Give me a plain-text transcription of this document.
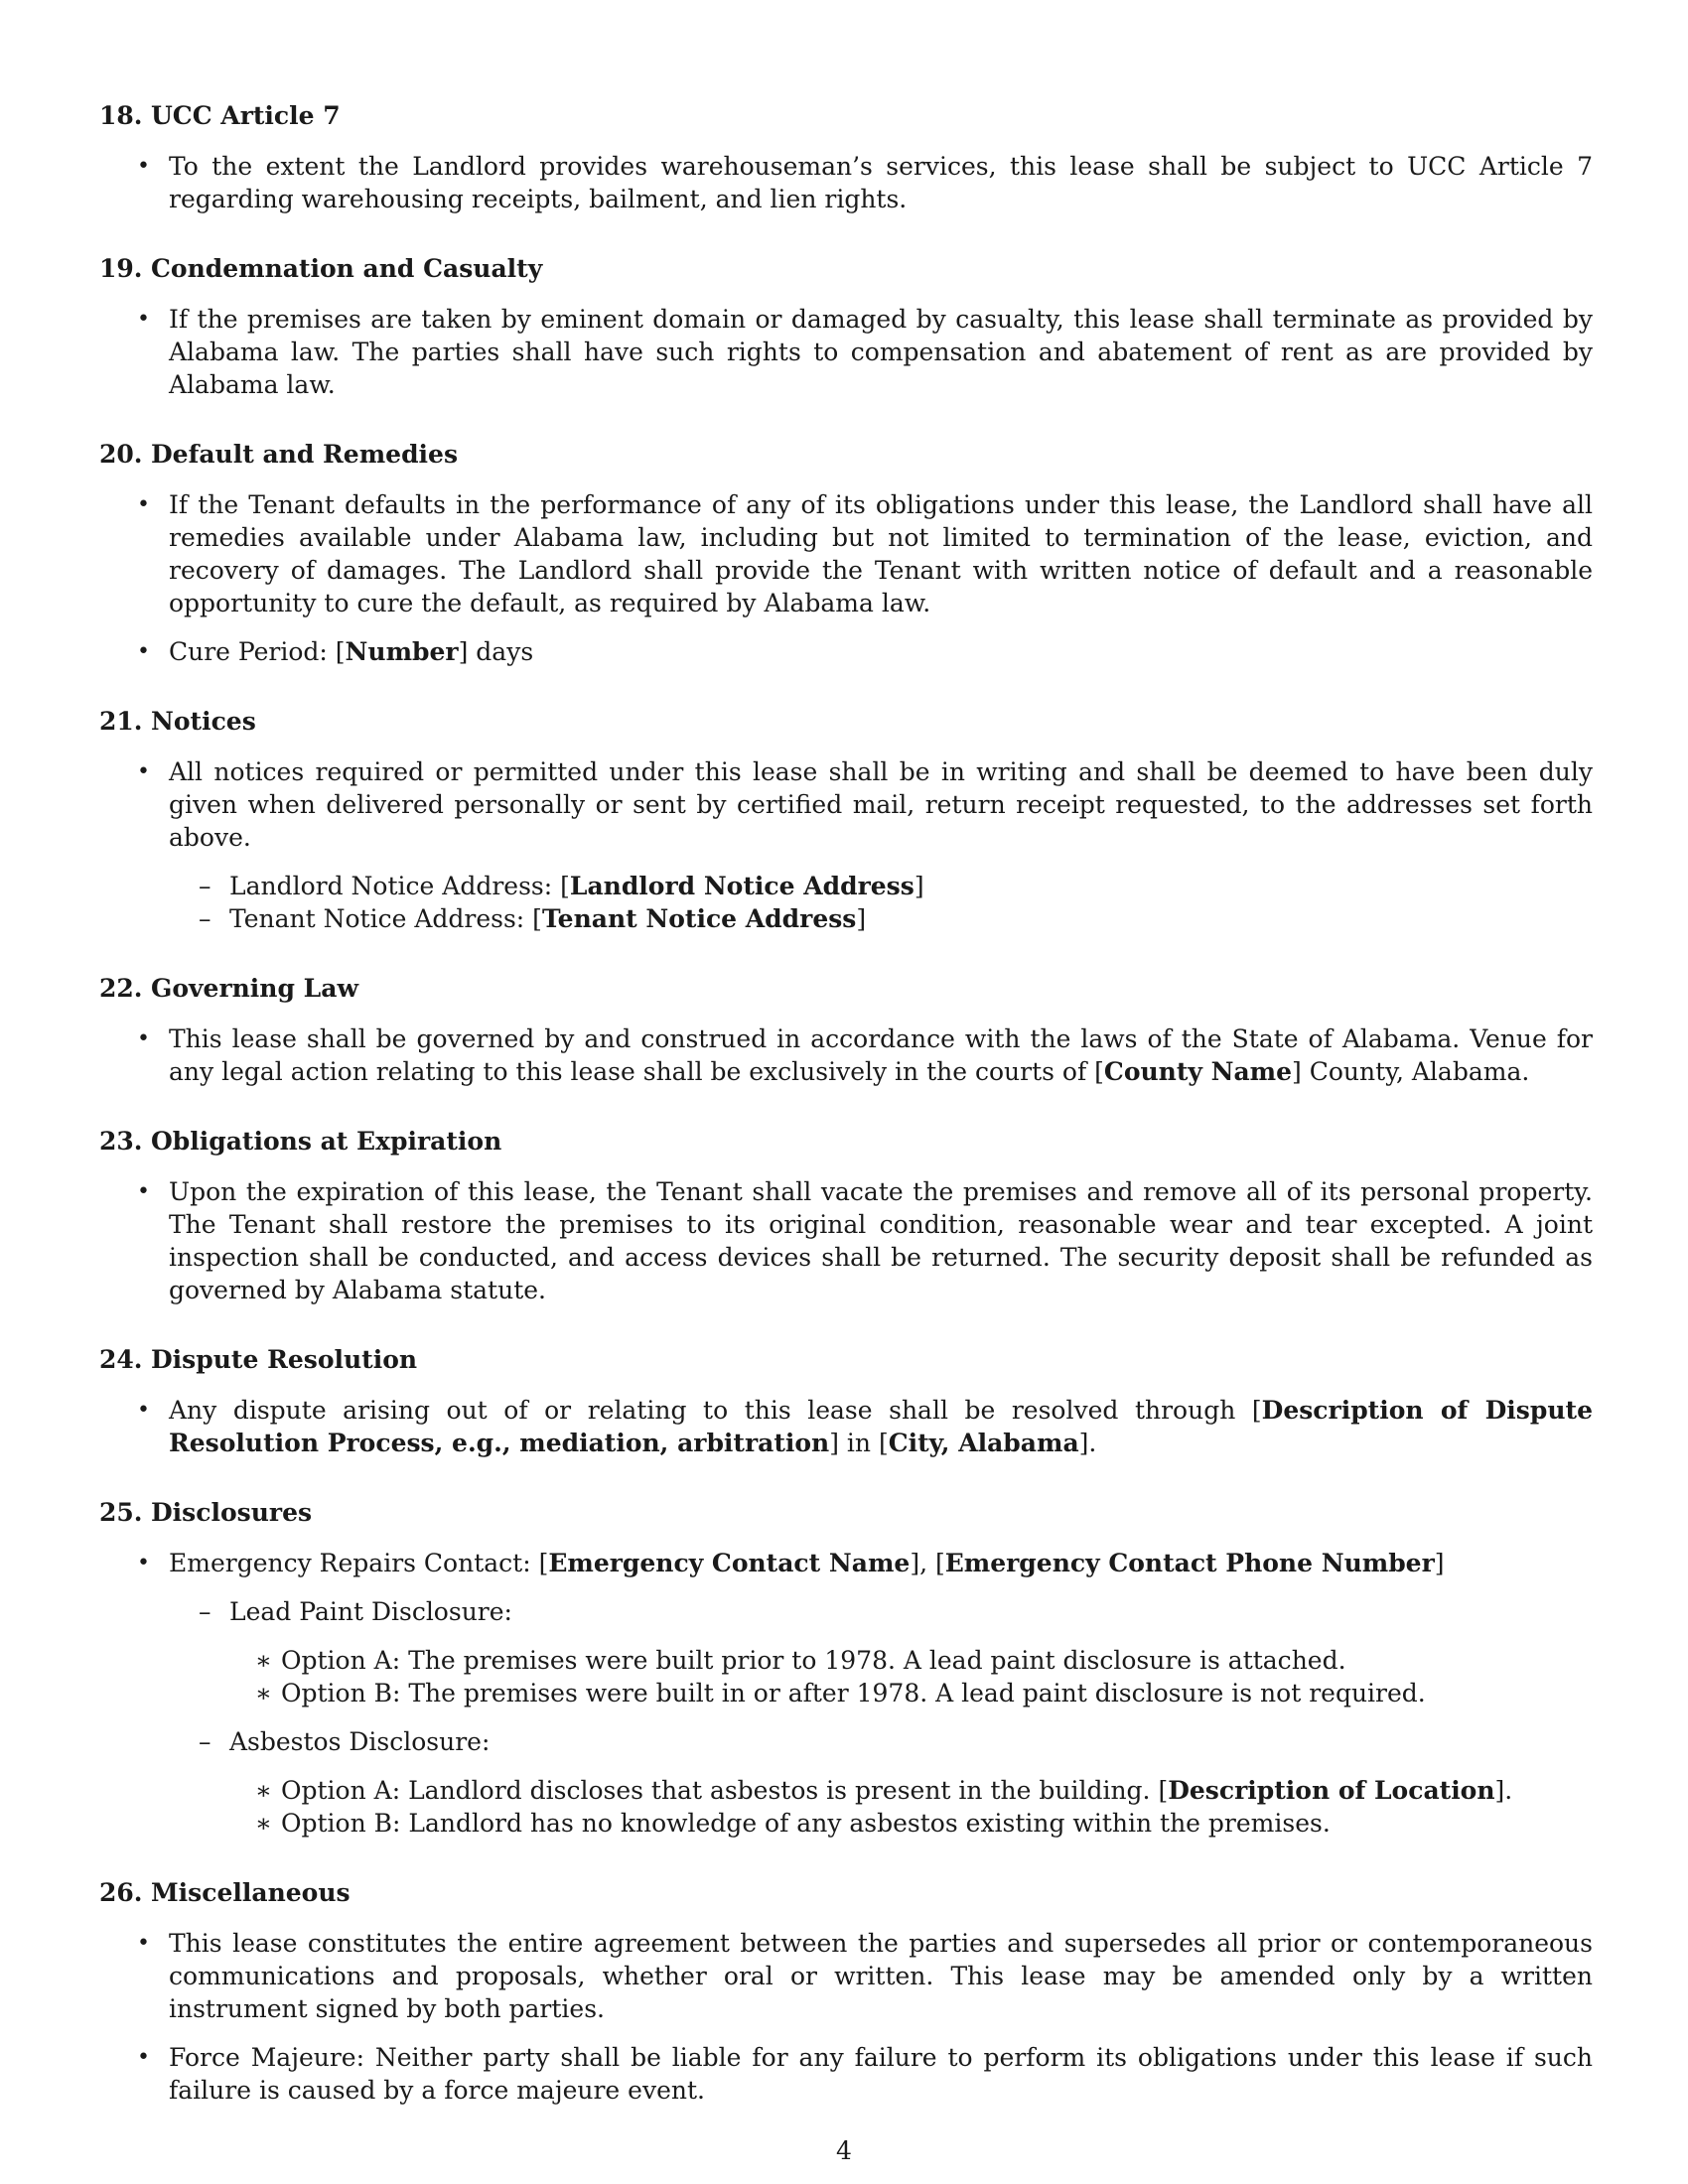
18. UCC Article 7
• To the extent the Landlord provides warehouseman’s services, this lease shall be subject to UCC Article 7 regarding warehousing receipts, bailment, and lien rights.
19. Condemnation and Casualty
• If the premises are taken by eminent domain or damaged by casualty, this lease shall terminate as provided by Alabama law. The parties shall have such rights to compensation and abatement of rent as are provided by Alabama law.
20. Default and Remedies
• If the Tenant defaults in the performance of any of its obligations under this lease, the Landlord shall have all remedies available under Alabama law, including but not limited to termination of the lease, eviction, and recovery of damages. The Landlord shall provide the Tenant with written notice of default and a reasonable opportunity to cure the default, as required by Alabama law.
• Cure Period: [Number] days
21. Notices
• All notices required or permitted under this lease shall be in writing and shall be deemed to have been duly given when delivered personally or sent by certified mail, return receipt requested, to the addresses set forth above.
– Landlord Notice Address: [Landlord Notice Address]
– Tenant Notice Address: [Tenant Notice Address]
22. Governing Law
• This lease shall be governed by and construed in accordance with the laws of the State of Alabama. Venue for any legal action relating to this lease shall be exclusively in the courts of [County Name] County, Alabama.
23. Obligations at Expiration
• Upon the expiration of this lease, the Tenant shall vacate the premises and remove all of its personal property. The Tenant shall restore the premises to its original condition, reasonable wear and tear excepted. A joint inspection shall be conducted, and access devices shall be returned. The security deposit shall be refunded as governed by Alabama statute.
24. Dispute Resolution
• Any dispute arising out of or relating to this lease shall be resolved through [Description of Dispute Resolution Process, e.g., mediation, arbitration] in [City, Alabama].
25. Disclosures
• Emergency Repairs Contact: [Emergency Contact Name], [Emergency Contact Phone Number]
– Lead Paint Disclosure:
∗ Option A: The premises were built prior to 1978. A lead paint disclosure is attached.
∗ Option B: The premises were built in or after 1978. A lead paint disclosure is not required.
– Asbestos Disclosure:
∗ Option A: Landlord discloses that asbestos is present in the building. [Description of Location].
∗ Option B: Landlord has no knowledge of any asbestos existing within the premises.
26. Miscellaneous
• This lease constitutes the entire agreement between the parties and supersedes all prior or contemporaneous communications and proposals, whether oral or written. This lease may be amended only by a written instrument signed by both parties.
• Force Majeure: Neither party shall be liable for any failure to perform its obligations under this lease if such failure is caused by a force majeure event.
4
